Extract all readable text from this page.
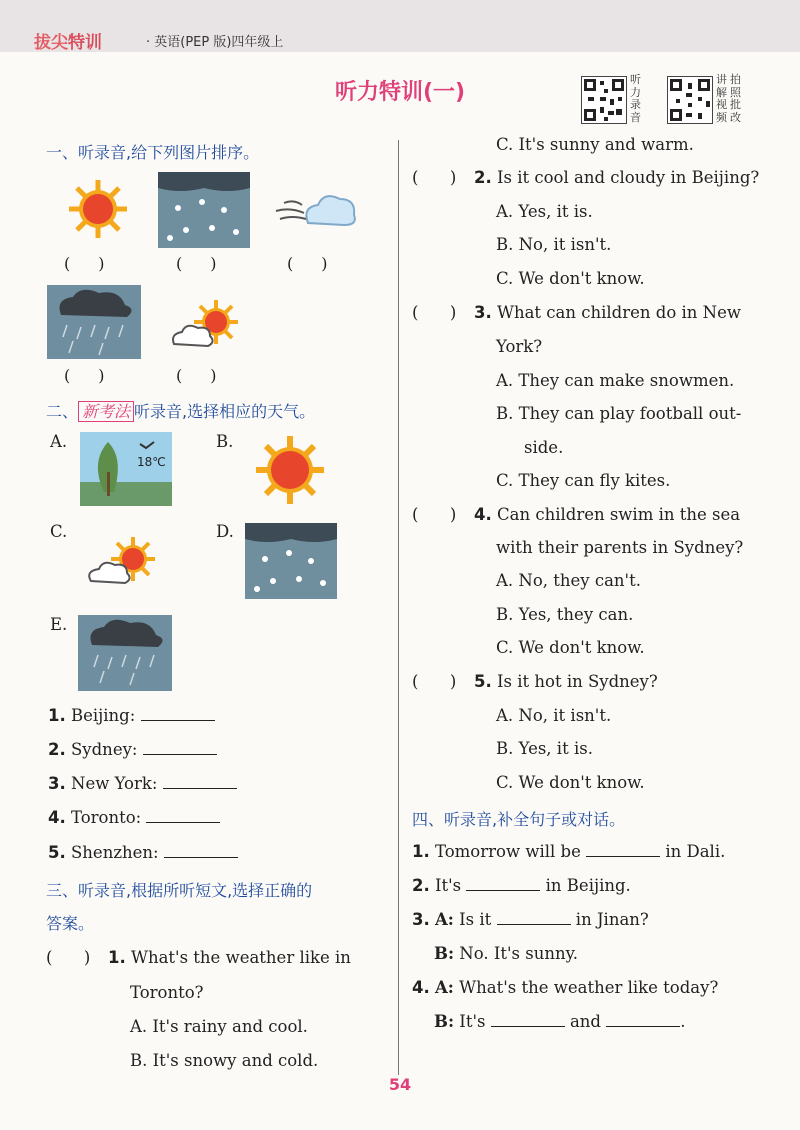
拔尖特训	· 英语(PEP 版)四年级上
听力特训(一)
听力录音
讲解视频
拍照批改
一、听录音,给下列图片排序。
()	()	()
()	()
二、 新考法 听录音,选择相应的天气。
A.
18℃
B.
C.	D.
E.
1. Beijing:
2. Sydney:
3. New York:
4. Toronto:
5. Shenzhen:
三、听录音,根据所听短文,选择正确的
答案。
(      ) 1. What's the weather like in
Toronto?
A. It's rainy and cool.
B. It's snowy and cold.
C. It's sunny and warm.
(      ) 2. Is it cool and cloudy in Beijing?
A. Yes, it is.
B. No, it isn't.
C. We don't know.
(      ) 3. What can children do in New
York?
A. They can make snowmen.
B. They can play football out-
side.
C. They can fly kites.
(      ) 4. Can children swim in the sea
with their parents in Sydney?
A. No, they can't.
B. Yes, they can.
C. We don't know.
(      ) 5. Is it hot in Sydney?
A. No, it isn't.
B. Yes, it is.
C. We don't know.
四、听录音,补全句子或对话。
1. Tomorrow will be	in Dali.
2. It's	in Beijing.
3. A: Is it	in Jinan?
B: No. It's sunny.
4. A: What's the weather like today?
B: It's	and	.
54
